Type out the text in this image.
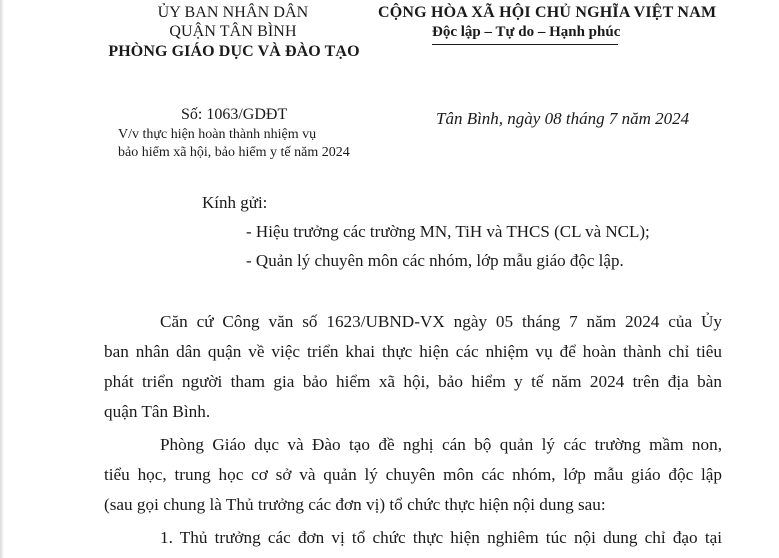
ỦY BAN NHÂN DÂN
QUẬN TÂN BÌNH
PHÒNG GIÁO DỤC VÀ ĐÀO TẠO
CỘNG HÒA XÃ HỘI CHỦ NGHĨA VIỆT NAM
Độc lập – Tự do – Hạnh phúc
Số: 1063/GDĐT
V/v thực hiện hoàn thành nhiệm vụ
bảo hiểm xã hội, bảo hiểm y tế năm 2024
Tân Bình, ngày 08 tháng 7 năm 2024
Kính gửi:
- Hiệu trưởng các trường MN, TiH và THCS (CL và NCL);
- Quản lý chuyên môn các nhóm, lớp mẫu giáo độc lập.
Căn cứ Công văn số 1623/UBND-VX ngày 05 tháng 7 năm 2024 của Ủy
ban nhân dân quận về việc triển khai thực hiện các nhiệm vụ để hoàn thành chỉ tiêu
phát triển người tham gia bảo hiểm xã hội, bảo hiểm y tế năm 2024 trên địa bàn
quận Tân Bình.
Phòng Giáo dục và Đào tạo đề nghị cán bộ quản lý các trường mầm non,
tiểu học, trung học cơ sở và quản lý chuyên môn các nhóm, lớp mẫu giáo độc lập
(sau gọi chung là Thủ trưởng các đơn vị) tổ chức thực hiện nội dung sau:
1. Thủ trưởng các đơn vị tổ chức thực hiện nghiêm túc nội dung chỉ đạo tại
